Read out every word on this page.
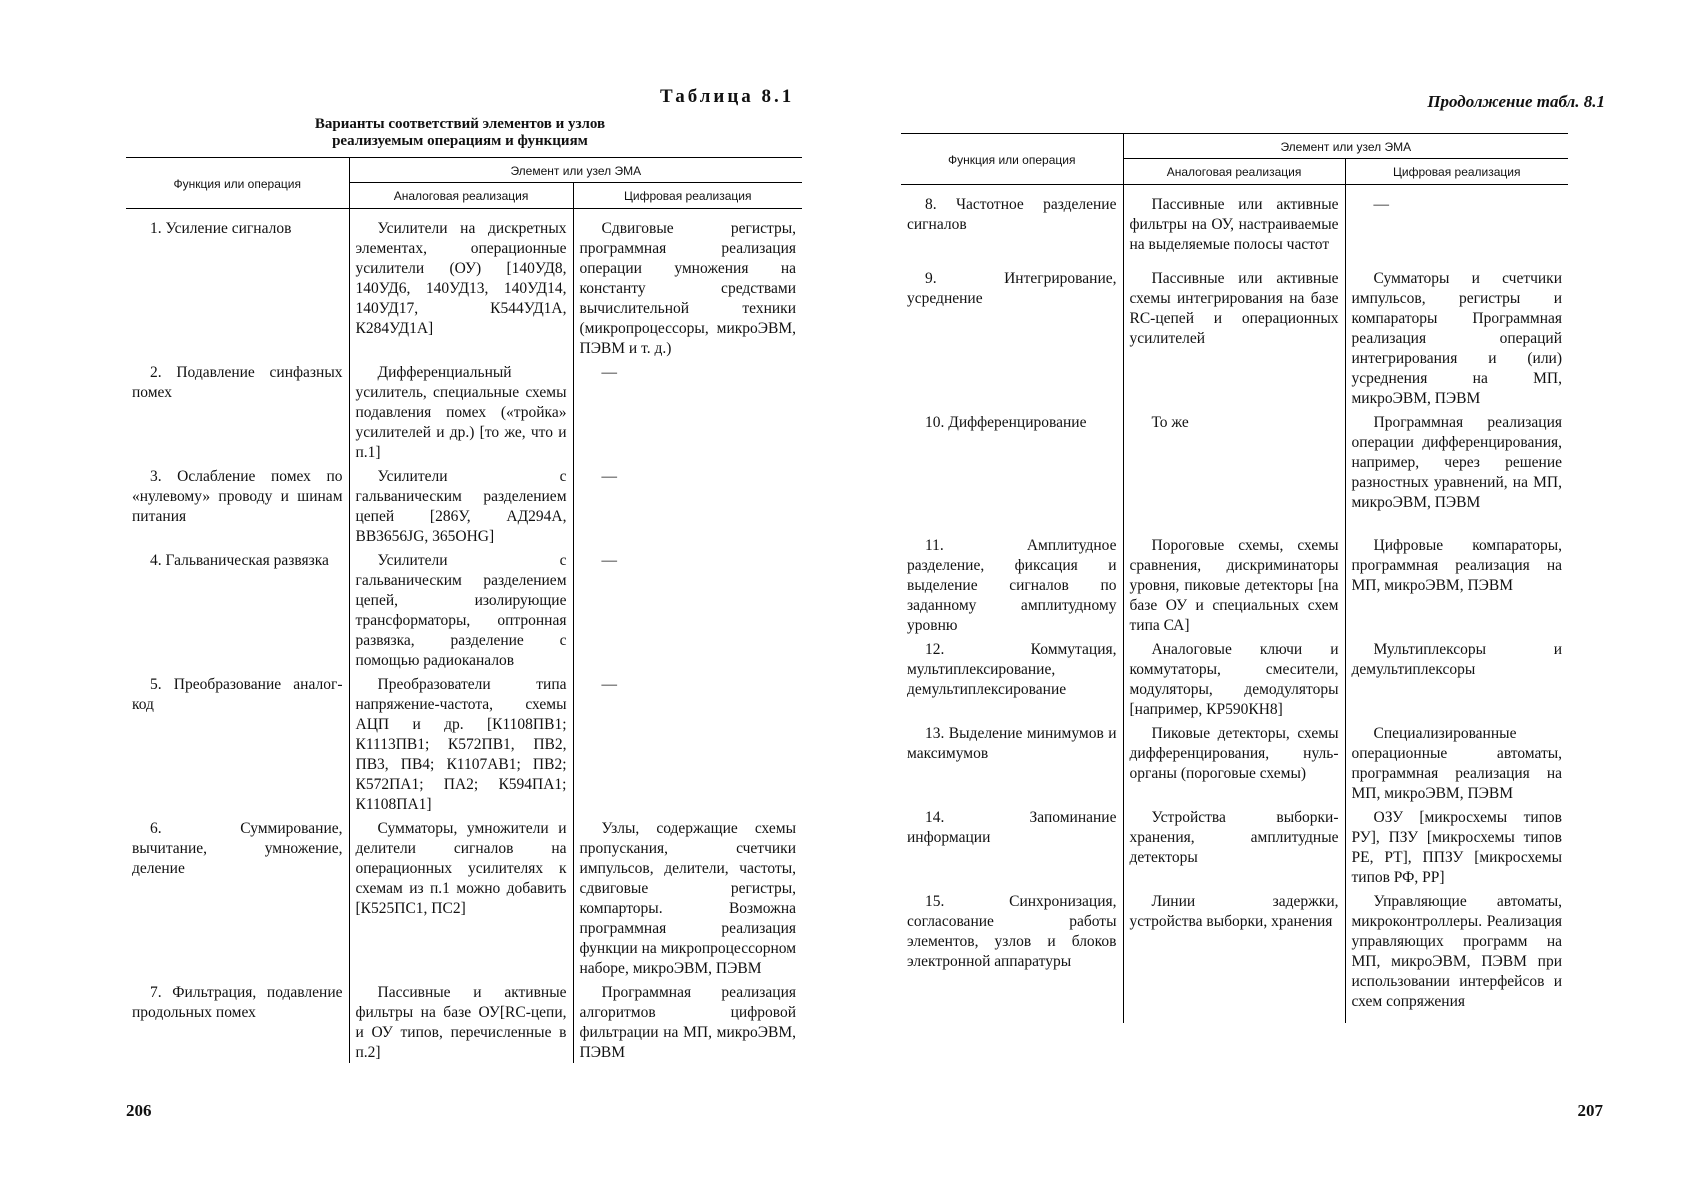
Таблица 8.1
Варианты соответствий элементов и узлов
реализуемым операциям и функциям
Функция или операция	Элемент или узел ЭМА	
	Аналоговая реализация	Цифровая реализация
1. Усиление сигналов	Усилители на дискретных элементах, операционные усилители (ОУ) [140УД8, 140УД6, 140УД13, 140УД14, 140УД17, К544УД1А, К284УД1А]	Сдвиговые регистры, программная реализация операции умножения на константу средствами вычислительной техники (микропроцессоры, микроЭВМ, ПЭВМ и т. д.)
2. Подавление синфазных помех	Дифференциальный усилитель, специальные схемы подавления помех («тройка» усилителей и др.) [то же, что и п.1]	—
3. Ослабление помех по «нулевому» проводу и шинам питания	Усилители с гальваническим разделением цепей [286У, АД294А, ВВ3656JG, 365OHG]	—
4. Гальваническая развязка	Усилители с гальваническим разделением цепей, изолирующие трансформаторы, оптронная развязка, разделение с помощью радиоканалов	—
5. Преобразование аналог-код	Преобразователи типа напряжение-частота, схемы АЦП и др. [К1108ПВ1; К1113ПВ1; К572ПВ1, ПВ2, ПВ3, ПВ4; К1107АВ1; ПВ2; К572ПА1; ПА2; К594ПА1; К1108ПА1]	—
6. Суммирование, вычитание, умножение, деление	Сумматоры, умножители и делители сигналов на операционных усилителях к схемам из п.1 можно добавить [К525ПС1, ПС2]	Узлы, содержащие схемы пропускания, счетчики импульсов, делители, частоты, сдвиговые регистры, компарторы. Возможна программная реализация функции на микропроцессорном наборе, микроЭВМ, ПЭВМ
7. Фильтрация, подавление продольных помех	Пассивные и активные фильтры на базе ОУ[RC-цепи, и ОУ типов, перечисленные в п.2]	Программная реализация алгоритмов цифровой фильтрации на МП, микроЭВМ, ПЭВМ
206
Продолжение табл. 8.1
Функция или операция	Элемент или узел ЭМА	
	Аналоговая реализация	Цифровая реализация
8. Частотное разделение сигналов	Пассивные или активные фильтры на ОУ, настраиваемые на выделяемые полосы частот	—
9. Интегрирование, усреднение	Пассивные или активные схемы интегрирования на базе RC-цепей и операционных усилителей	Сумматоры и счетчики импульсов, регистры и компараторы Программная реализация операций интегрирования и (или) усреднения на МП, микроЭВМ, ПЭВМ
10. Дифференцирование	То же	Программная реализация операции дифференцирования, например, через решение разностных уравнений, на МП, микроЭВМ, ПЭВМ
11. Амплитудное разделение, фиксация и выделение сигналов по заданному амплитудному уровню	Пороговые схемы, схемы сравнения, дискриминаторы уровня, пиковые детекторы [на базе ОУ и специальных схем типа СА]	Цифровые компараторы, программная реализация на МП, микроЭВМ, ПЭВМ
12. Коммутация, мультиплексирование, демультиплексирование	Аналоговые ключи и коммутаторы, смесители, модуляторы, демодуляторы [например, КР590КН8]	Мультиплексоры и демультиплексоры
13. Выделение минимумов и максимумов	Пиковые детекторы, схемы дифференцирования, нуль-органы (пороговые схемы)	Специализированные операционные автоматы, программная реализация на МП, микроЭВМ, ПЭВМ
14. Запоминание информации	Устройства выборки-хранения, амплитудные детекторы	ОЗУ [микросхемы типов РУ], ПЗУ [микросхемы типов РЕ, РТ], ППЗУ [микросхемы типов РФ, РР]
15. Синхронизация, согласование работы элементов, узлов и блоков электронной аппаратуры	Линии задержки, устройства выборки, хранения	Управляющие автоматы, микроконтроллеры. Реализация управляющих программ на МП, микроЭВМ, ПЭВМ при использовании интерфейсов и схем сопряжения
207
